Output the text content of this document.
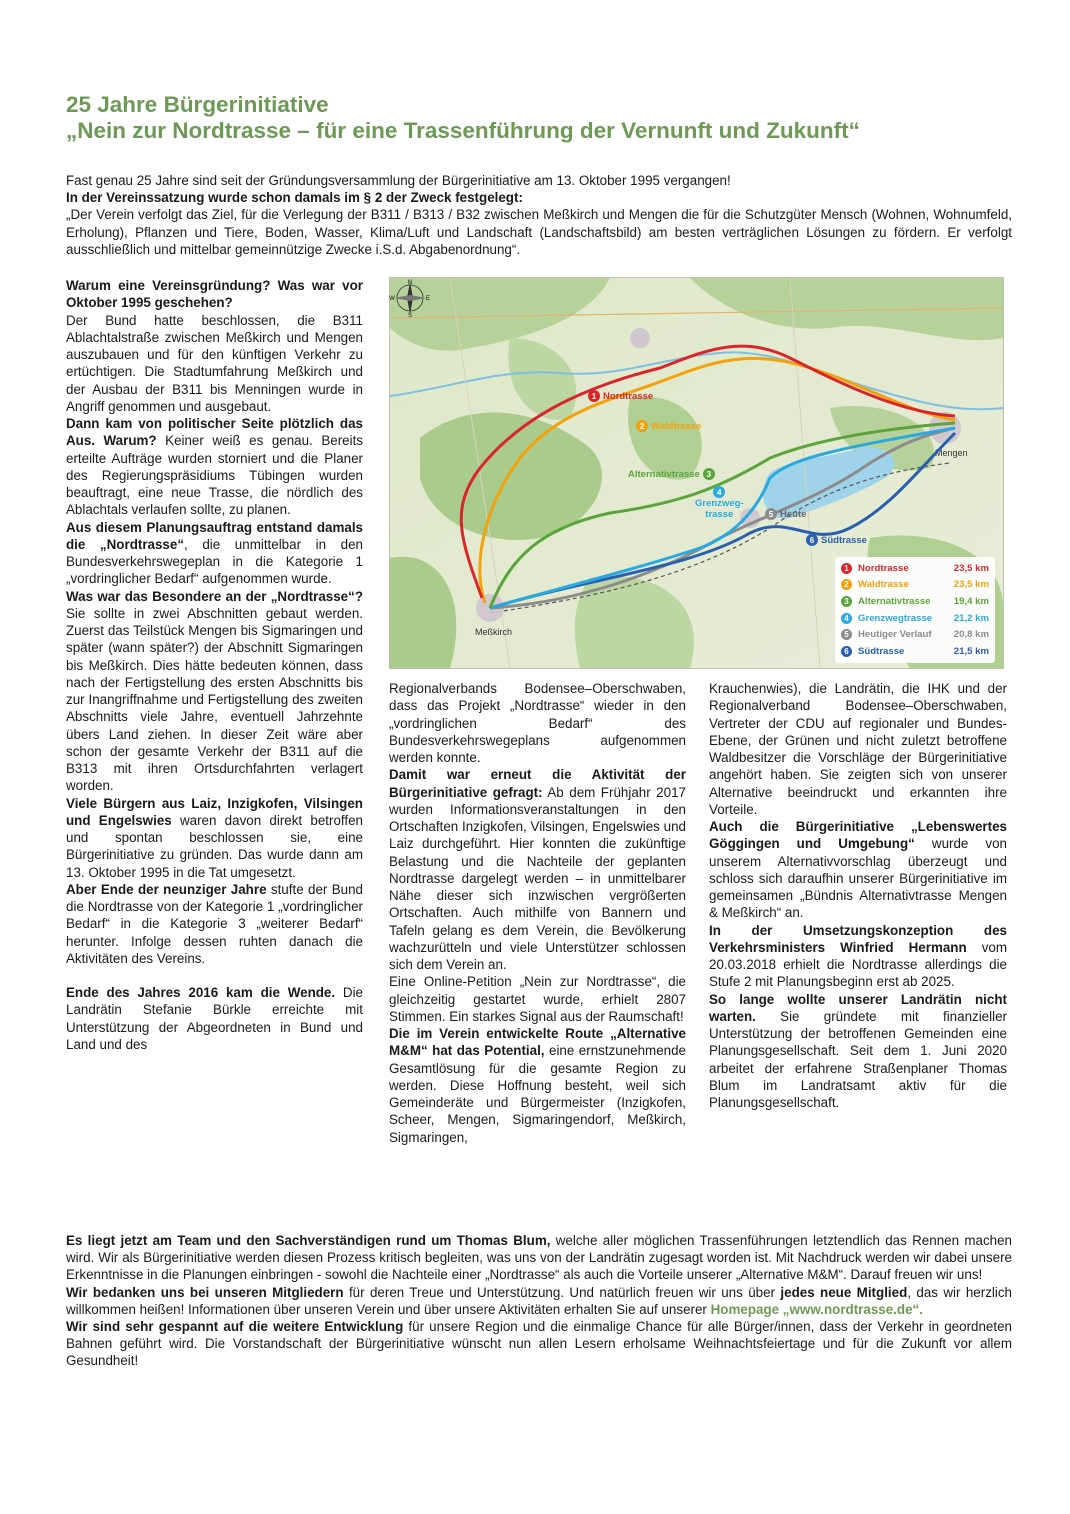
25 Jahre Bürgerinitiative
„Nein zur Nordtrasse – für eine Trassenführung der Vernunft und Zukunft“

Fast genau 25 Jahre sind seit der Gründungsversammlung der Bürgerinitiative am 13. Oktober 1995 vergangen!

In der Vereinssatzung wurde schon damals im § 2 der Zweck festgelegt:

„Der Verein verfolgt das Ziel, für die Verlegung der B311 / B313 / B32 zwischen Meßkirch und Mengen die für die Schutzgüter Mensch (Wohnen, Wohnumfeld, Erholung), Pflanzen und Tiere, Boden, Wasser, Klima/Luft und Landschaft (Landschaftsbild) am besten verträglichen Lösungen zu fördern. Er verfolgt ausschließlich und mittelbar gemeinnützige Zwecke i.S.d. Abgabenordnung“.

Warum eine Vereinsgründung? Was war vor Oktober 1995 geschehen?

Der Bund hatte beschlossen, die B311 Ablachtalstraße zwischen Meßkirch und Mengen auszubauen und für den künftigen Verkehr zu ertüchtigen. Die Stadtumfahrung Meßkirch und der Ausbau der B311 bis Menningen wurde in Angriff genommen und ausgebaut.

Dann kam von politischer Seite plötzlich das Aus. Warum? Keiner weiß es genau. Bereits erteilte Aufträge wurden storniert und die Planer des Regierungspräsidiums Tübingen wurden beauftragt, eine neue Trasse, die nördlich des Ablachtals verlaufen sollte, zu planen.

Aus diesem Planungsauftrag entstand damals die „Nordtrasse“, die unmittelbar in den Bundesverkehrswegeplan in die Kategorie 1 „vordringlicher Bedarf“ aufgenommen wurde.

Was war das Besondere an der „Nordtrasse“? Sie sollte in zwei Abschnitten gebaut werden. Zuerst das Teilstück Mengen bis Sigmaringen und später (wann später?) der Abschnitt Sigmaringen bis Meßkirch. Dies hätte bedeuten können, dass nach der Fertigstellung des ersten Abschnitts bis zur Inangriffnahme und Fertigstellung des zweiten Abschnitts viele Jahre, eventuell Jahrzehnte übers Land ziehen. In dieser Zeit wäre aber schon der gesamte Verkehr der B311 auf die B313 mit ihren Ortsdurchfahrten verlagert worden.

Viele Bürgern aus Laiz, Inzigkofen, Vilsingen und Engelswies waren davon direkt betroffen und spontan beschlossen sie, eine Bürgerinitiative zu gründen. Das wurde dann am 13. Oktober 1995 in die Tat umgesetzt.

Aber Ende der neunziger Jahre stufte der Bund die Nordtrasse von der Kategorie 1 „vordringlicher Bedarf“ in die Kategorie 3 „weiterer Bedarf“ herunter. Infolge dessen ruhten danach die Aktivitäten des Vereins.

Ende des Jahres 2016 kam die Wende. Die Landrätin Stefanie Bürkle erreichte mit Unterstützung der Abgeordneten in Bund und Land und des

Meßkirch
Mengen
1 Nordtrasse
2 Waldtrasse
Alternativtrasse 3
4
Grenzweg-
trasse	5 Heute
6 Südtrasse
N
S
E
W
1 Nordtrasse	23,5 km
2 Waldtrasse	23,5 km
3 Alternativtrasse	19,4 km
4 Grenzwegtrasse	21,2 km
5 Heutiger Verlauf	20,8 km
6 Südtrasse	21,5 km

Regionalverbands Bodensee–Oberschwaben, dass das Projekt „Nordtrasse“ wieder in den „vordringlichen Bedarf“ des Bundesverkehrswegeplans aufgenommen werden konnte.

Damit war erneut die Aktivität der Bürgerinitiative gefragt: Ab dem Frühjahr 2017 wurden Informationsveranstaltungen in den Ortschaften Inzigkofen, Vilsingen, Engelswies und Laiz durchgeführt. Hier konnten die zukünftige Belastung und die Nachteile der geplanten Nordtrasse dargelegt werden – in unmittelbarer Nähe dieser sich inzwischen vergrößerten Ortschaften. Auch mithilfe von Bannern und Tafeln gelang es dem Verein, die Bevölkerung wachzurütteln und viele Unterstützer schlossen sich dem Verein an.

Eine Online-Petition „Nein zur Nordtrasse“, die gleichzeitig gestartet wurde, erhielt 2807 Stimmen. Ein starkes Signal aus der Raumschaft!

Die im Verein entwickelte Route „Alternative M&M“ hat das Potential, eine ernstzunehmende Gesamtlösung für die gesamte Region zu werden. Diese Hoffnung besteht, weil sich Gemeinderäte und Bürgermeister (Inzigkofen, Scheer, Mengen, Sigmaringendorf, Meßkirch, Sigmaringen,

Krauchenwies), die Landrätin, die IHK und der Regionalverband Bodensee–Oberschwaben, Vertreter der CDU auf regionaler und Bundes-Ebene, der Grünen und nicht zuletzt betroffene Waldbesitzer die Vorschläge der Bürgerinitiative angehört haben. Sie zeigten sich von unserer Alternative beeindruckt und erkannten ihre Vorteile.

Auch die Bürgerinitiative „Lebenswertes Göggingen und Umgebung“ wurde von unserem Alternativvorschlag überzeugt und schloss sich daraufhin unserer Bürgerinitiative im gemeinsamen „Bündnis Alternativtrasse Mengen & Meßkirch“ an.

In der Umsetzungskonzeption des Verkehrsministers Winfried Hermann vom 20.03.2018 erhielt die Nordtrasse allerdings die Stufe 2 mit Planungsbeginn erst ab 2025.

So lange wollte unserer Landrätin nicht warten. Sie gründete mit finanzieller Unterstützung der betroffenen Gemeinden eine Planungsgesellschaft. Seit dem 1. Juni 2020 arbeitet der erfahrene Straßenplaner Thomas Blum im Landratsamt aktiv für die Planungsgesellschaft.

Es liegt jetzt am Team und den Sachverständigen rund um Thomas Blum, welche aller möglichen Trassenführungen letztendlich das Rennen machen wird. Wir als Bürgerinitiative werden diesen Prozess kritisch begleiten, was uns von der Landrätin zugesagt worden ist. Mit Nachdruck werden wir dabei unsere Erkenntnisse in die Planungen einbringen - sowohl die Nachteile einer „Nordtrasse“ als auch die Vorteile unserer „Alternative M&M“. Darauf freuen wir uns!

Wir bedanken uns bei unseren Mitgliedern für deren Treue und Unterstützung. Und natürlich freuen wir uns über jedes neue Mitglied, das wir herzlich willkommen heißen! Informationen über unseren Verein und über unsere Aktivitäten erhalten Sie auf unserer Homepage „www.nordtrasse.de“.

Wir sind sehr gespannt auf die weitere Entwicklung für unsere Region und die einmalige Chance für alle Bürger/innen, dass der Verkehr in geordneten Bahnen geführt wird. Die Vorstandschaft der Bürgerinitiative wünscht nun allen Lesern erholsame Weihnachtsfeiertage und für die Zukunft vor allem Gesundheit!
